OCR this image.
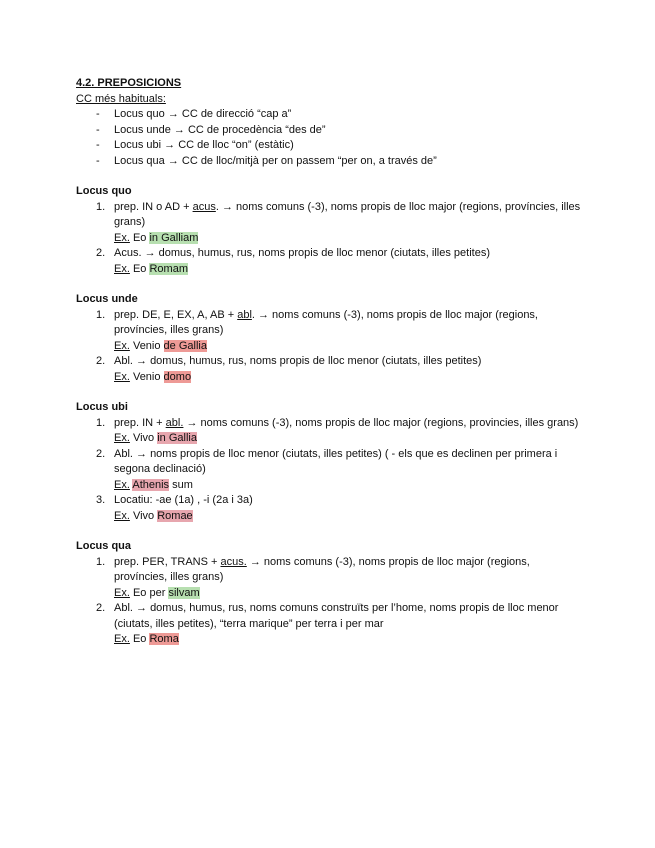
4.2. PREPOSICIONS
CC més habituals:
- Locus quo → CC de direcció “cap a”
- Locus unde → CC de procedència “des de”
- Locus ubi → CC de lloc “on” (estàtic)
- Locus qua → CC de lloc/mitjà per on passem “per on, a través de”
Locus quo
1. prep. IN o AD + acus. → noms comuns (-3), noms propis de lloc major (regions, províncies, illes grans)
Ex. Eo in Galliam
2. Acus. → domus, humus, rus, noms propis de lloc menor (ciutats, illes petites)
Ex. Eo Romam
Locus unde
1. prep. DE, E, EX, A, AB + abl. → noms comuns (-3), noms propis de lloc major (regions, províncies, illes grans)
Ex. Venio de Gallia
2. Abl. → domus, humus, rus, noms propis de lloc menor (ciutats, illes petites)
Ex. Venio domo
Locus ubi
1. prep. IN + abl. → noms comuns (-3), noms propis de lloc major (regions, provincies, illes grans)
Ex. Vivo in Gallia
2. Abl. → noms propis de lloc menor (ciutats, illes petites) ( - els que es declinen per primera i segona declinació)
Ex. Athenis sum
3. Locatiu: -ae (1a) , -i (2a i 3a)
Ex. Vivo Romae
Locus qua
1. prep. PER, TRANS + acus. → noms comuns (-3), noms propis de lloc major (regions, províncies, illes grans)
Ex. Eo per silvam
2. Abl. → domus, humus, rus, noms comuns construïts per l’home, noms propis de lloc menor (ciutats, illes petites), “terra marique” per terra i per mar
Ex. Eo Roma
